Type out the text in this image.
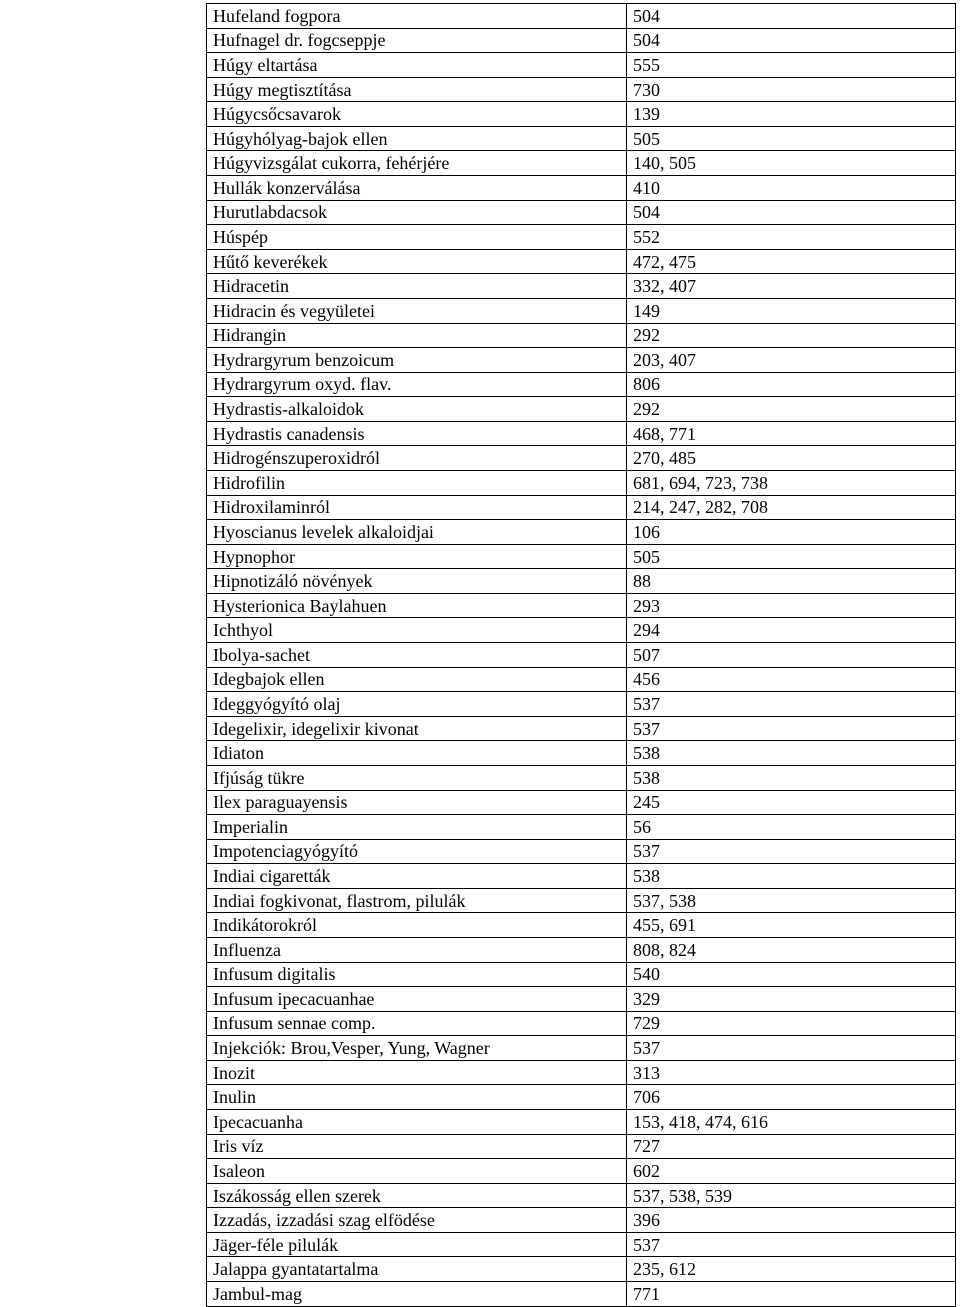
Hufeland fogpora	504
Hufnagel dr. fogcseppje	504
Húgy eltartása	555
Húgy megtisztítása	730
Húgycsőcsavarok	139
Húgyhólyag-bajok ellen	505
Húgyvizsgálat cukorra, fehérjére	140, 505
Hullák konzerválása	410
Hurutlabdacsok	504
Húspép	552
Hűtő keverékek	472, 475
Hidracetin	332, 407
Hidracin és vegyületei	149
Hidrangin	292
Hydrargyrum benzoicum	203, 407
Hydrargyrum oxyd. flav.	806
Hydrastis-alkaloidok	292
Hydrastis canadensis	468, 771
Hidrogénszuperoxidról	270, 485
Hidrofilin	681, 694, 723, 738
Hidroxilaminról	214, 247, 282, 708
Hyoscianus levelek alkaloidjai	106
Hypnophor	505
Hipnotizáló növények	88
Hysterionica Baylahuen	293
Ichthyol	294
Ibolya-sachet	507
Idegbajok ellen	456
Ideggyógyító olaj	537
Idegelixir, idegelixir kivonat	537
Idiaton	538
Ifjúság tükre	538
Ilex paraguayensis	245
Imperialin	56
Impotenciagyógyító	537
Indiai cigaretták	538
Indiai fogkivonat, flastrom, pilulák	537, 538
Indikátorokról	455, 691
Influenza	808, 824
Infusum digitalis	540
Infusum ipecacuanhae	329
Infusum sennae comp.	729
Injekciók: Brou,Vesper, Yung, Wagner	537
Inozit	313
Inulin	706
Ipecacuanha	153, 418, 474, 616
Iris víz	727
Isaleon	602
Iszákosság ellen szerek	537, 538, 539
Izzadás, izzadási szag elfödése	396
Jäger-féle pilulák	537
Jalappa gyantatartalma	235, 612
Jambul-mag	771
